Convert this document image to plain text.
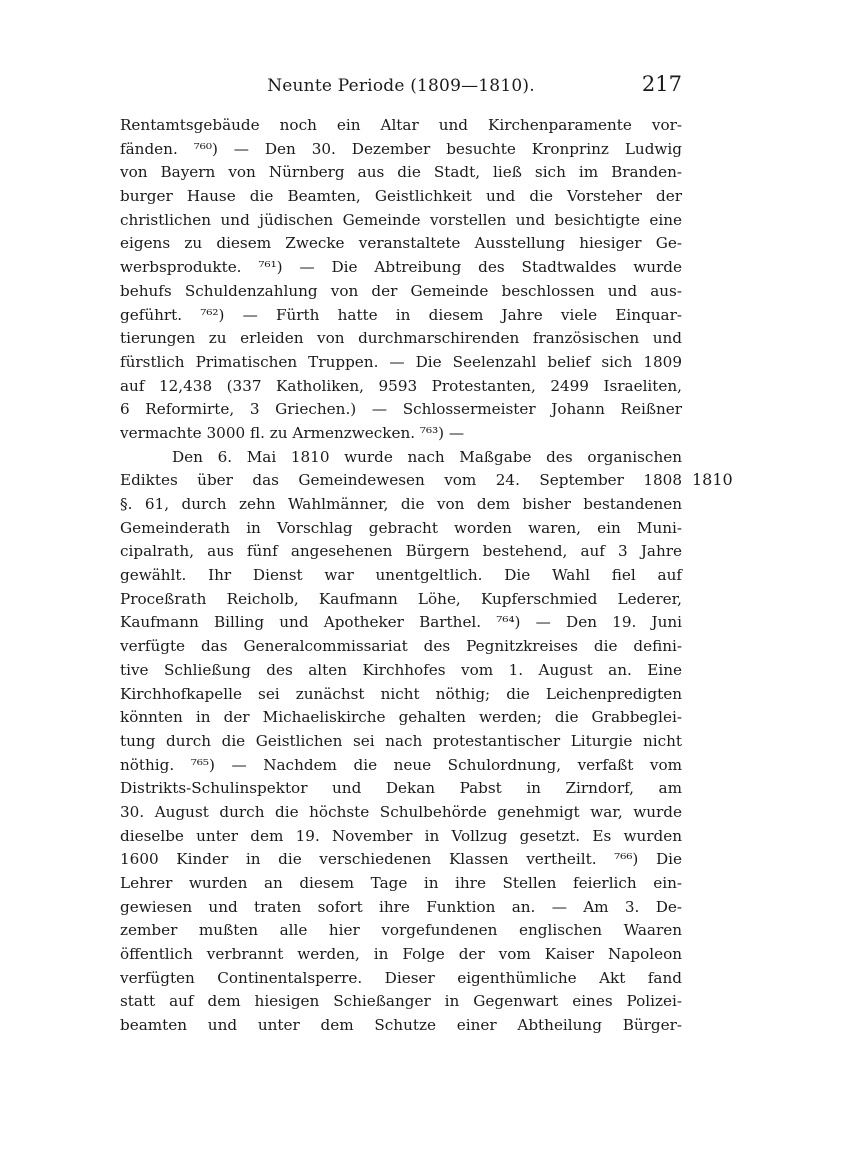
Neunte Periode (1809—1810).	217
Rentamtsgebäude noch ein Altar und Kirchenparamente vor-
fänden. ⁷⁶⁰) — Den 30. Dezember besuchte Kronprinz Ludwig
von Bayern von Nürnberg aus die Stadt, ließ sich im Branden-
burger Hause die Beamten, Geistlichkeit und die Vorsteher der
christlichen und jüdischen Gemeinde vorstellen und besichtigte eine
eigens zu diesem Zwecke veranstaltete Ausstellung hiesiger Ge-
werbsprodukte. ⁷⁶¹) — Die Abtreibung des Stadtwaldes wurde
behufs Schuldenzahlung von der Gemeinde beschlossen und aus-
geführt. ⁷⁶²) — Fürth hatte in diesem Jahre viele Einquar-
tierungen zu erleiden von durchmarschirenden französischen und
fürstlich Primatischen Truppen. — Die Seelenzahl belief sich 1809
auf 12,438 (337 Katholiken, 9593 Protestanten, 2499 Israeliten,
6 Reformirte, 3 Griechen.) — Schlossermeister Johann Reißner
vermachte 3000 fl. zu Armenzwecken. ⁷⁶³) —
Den 6. Mai 1810 wurde nach Maßgabe des organischen
Ediktes über das Gemeindewesen vom 24. September 1808
§. 61, durch zehn Wahlmänner, die von dem bisher bestandenen
Gemeinderath in Vorschlag gebracht worden waren, ein Muni-
cipalrath, aus fünf angesehenen Bürgern bestehend, auf 3 Jahre
gewählt. Ihr Dienst war unentgeltlich. Die Wahl fiel auf
Proceßrath Reicholb, Kaufmann Löhe, Kupferschmied Lederer,
Kaufmann Billing und Apotheker Barthel. ⁷⁶⁴) — Den 19. Juni
verfügte das Generalcommissariat des Pegnitzkreises die defini-
tive Schließung des alten Kirchhofes vom 1. August an. Eine
Kirchhofkapelle sei zunächst nicht nöthig; die Leichenpredigten
könnten in der Michaeliskirche gehalten werden; die Grabbeglei-
tung durch die Geistlichen sei nach protestantischer Liturgie nicht
nöthig. ⁷⁶⁵) — Nachdem die neue Schulordnung, verfaßt vom
Distrikts-Schulinspektor und Dekan Pabst in Zirndorf, am
30. August durch die höchste Schulbehörde genehmigt war, wurde
dieselbe unter dem 19. November in Vollzug gesetzt. Es wurden
1600 Kinder in die verschiedenen Klassen vertheilt. ⁷⁶⁶) Die
Lehrer wurden an diesem Tage in ihre Stellen feierlich ein-
gewiesen und traten sofort ihre Funktion an. — Am 3. De-
zember mußten alle hier vorgefundenen englischen Waaren
öffentlich verbrannt werden, in Folge der vom Kaiser Napoleon
verfügten Continentalsperre. Dieser eigenthümliche Akt fand
statt auf dem hiesigen Schießanger in Gegenwart eines Polizei-
beamten und unter dem Schutze einer Abtheilung Bürger-
1810
